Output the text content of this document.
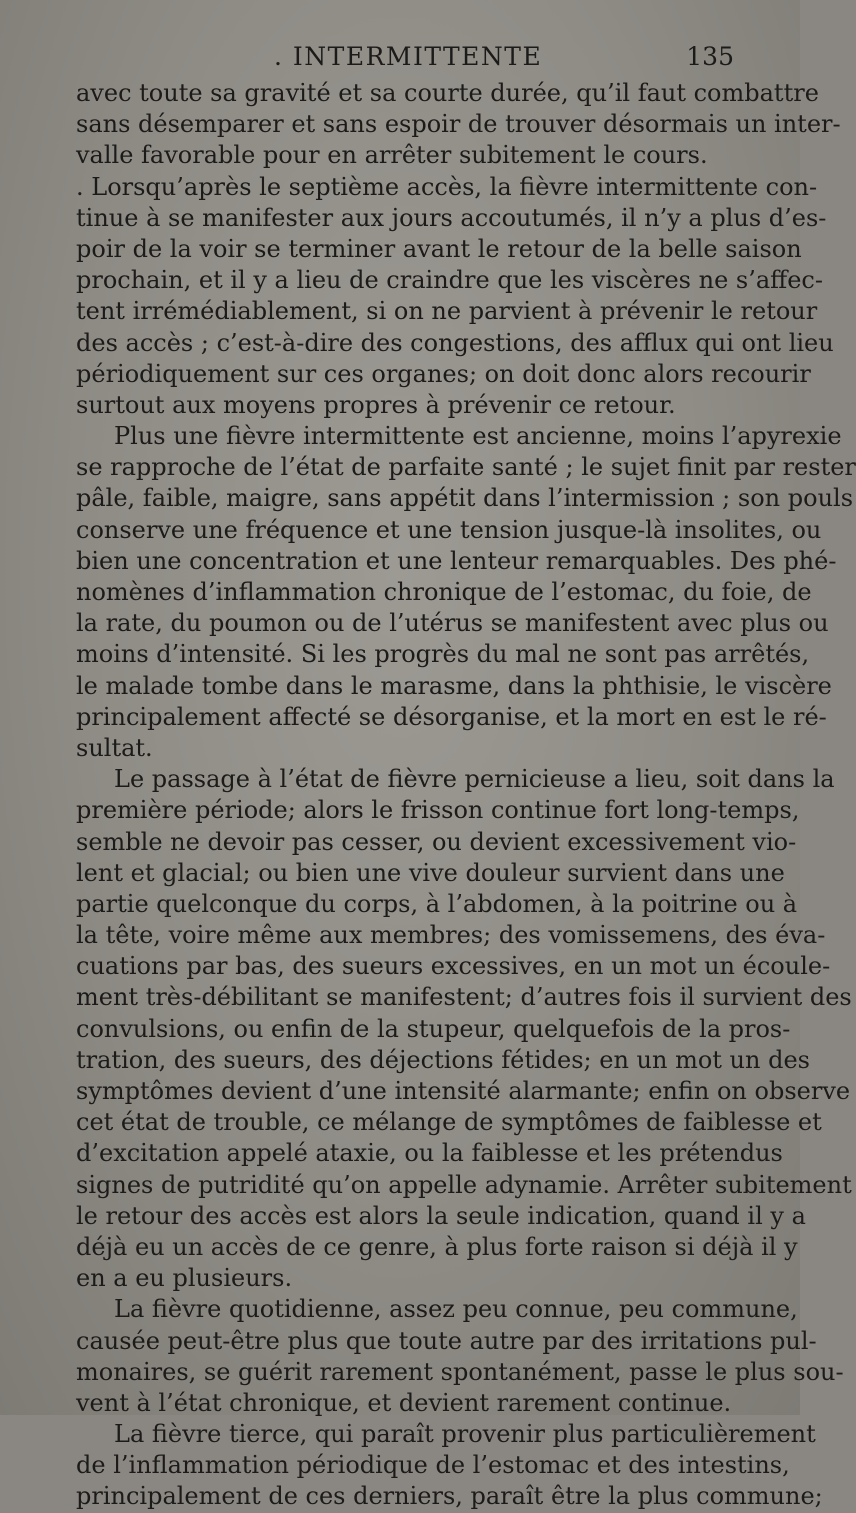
. INTERMITTENTE	135
avec toute sa gravité et sa courte durée, qu’il faut combattre
sans désemparer et sans espoir de trouver désormais un inter-
valle favorable pour en arrêter subitement le cours.
. Lorsqu’après le septième accès, la fièvre intermittente con-
tinue à se manifester aux jours accoutumés, il n’y a plus d’es-
poir de la voir se terminer avant le retour de la belle saison
prochain, et il y a lieu de craindre que les viscères ne s’affec-
tent irrémédiablement, si on ne parvient à prévenir le retour
des accès ; c’est-à-dire des congestions, des afflux qui ont lieu
périodiquement sur ces organes; on doit donc alors recourir
surtout aux moyens propres à prévenir ce retour.
Plus une fièvre intermittente est ancienne, moins l’apyrexie
se rapproche de l’état de parfaite santé ; le sujet finit par rester
pâle, faible, maigre, sans appétit dans l’intermission ; son pouls
conserve une fréquence et une tension jusque-là insolites, ou
bien une concentration et une lenteur remarquables. Des phé-
nomènes d’inflammation chronique de l’estomac, du foie, de
la rate, du poumon ou de l’utérus se manifestent avec plus ou
moins d’intensité. Si les progrès du mal ne sont pas arrêtés,
le malade tombe dans le marasme, dans la phthisie, le viscère
principalement affecté se désorganise, et la mort en est le ré-
sultat.
Le passage à l’état de fièvre pernicieuse a lieu, soit dans la
première période; alors le frisson continue fort long-temps,
semble ne devoir pas cesser, ou devient excessivement vio-
lent et glacial; ou bien une vive douleur survient dans une
partie quelconque du corps, à l’abdomen, à la poitrine ou à
la tête, voire même aux membres; des vomissemens, des éva-
cuations par bas, des sueurs excessives, en un mot un écoule-
ment très-débilitant se manifestent; d’autres fois il survient des
convulsions, ou enfin de la stupeur, quelquefois de la pros-
tration, des sueurs, des déjections fétides; en un mot un des
symptômes devient d’une intensité alarmante; enfin on observe
cet état de trouble, ce mélange de symptômes de faiblesse et
d’excitation appelé ataxie, ou la faiblesse et les prétendus
signes de putridité qu’on appelle adynamie. Arrêter subitement
le retour des accès est alors la seule indication, quand il y a
déjà eu un accès de ce genre, à plus forte raison si déjà il y
en a eu plusieurs.
La fièvre quotidienne, assez peu connue, peu commune,
causée peut-être plus que toute autre par des irritations pul-
monaires, se guérit rarement spontanément, passe le plus sou-
vent à l’état chronique, et devient rarement continue.
La fièvre tierce, qui paraît provenir plus particulièrement
de l’inflammation périodique de l’estomac et des intestins,
principalement de ces derniers, paraît être la plus commune;
